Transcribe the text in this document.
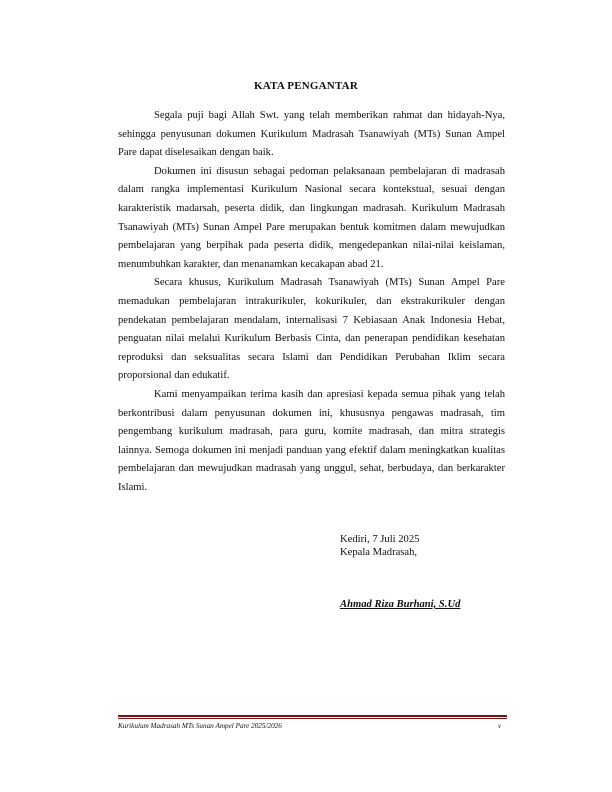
KATA PENGANTAR

Segala puji bagi Allah Swt. yang telah memberikan rahmat dan hidayah-Nya, sehingga penyusunan dokumen Kurikulum Madrasah Tsanawiyah (MTs) Sunan Ampel Pare dapat diselesaikan dengan baik.

Dokumen ini disusun sebagai pedoman pelaksanaan pembelajaran di madrasah dalam rangka implementasi Kurikulum Nasional secara kontekstual, sesuai dengan karakteristik madarsah, peserta didik, dan lingkungan madrasah. Kurikulum Madrasah Tsanawiyah (MTs) Sunan Ampel Pare merupakan bentuk komitmen dalam mewujudkan pembelajaran yang berpihak pada peserta didik, mengedepankan nilai-nilai keislaman, menumbuhkan karakter, dan menanamkan kecakapan abad 21.

Secara khusus, Kurikulum Madrasah Tsanawiyah (MTs) Sunan Ampel Pare memadukan pembelajaran intrakurikuler, kokurikuler, dan ekstrakurikuler dengan pendekatan pembelajaran mendalam, internalisasi 7 Kebiasaan Anak Indonesia Hebat, penguatan nilai melalui Kurikulum Berbasis Cinta, dan penerapan pendidikan kesehatan reproduksi dan seksualitas secara Islami dan Pendidikan Perubahan Iklim secara proporsional dan edukatif.

Kami menyampaikan terima kasih dan apresiasi kepada semua pihak yang telah berkontribusi dalam penyusunan dokumen ini, khususnya pengawas madrasah, tim pengembang kurikulum madrasah, para guru, komite madrasah, dan mitra strategis lainnya. Semoga dokumen ini menjadi panduan yang efektif dalam meningkatkan kualitas pembelajaran dan mewujudkan madrasah yang unggul, sehat, berbudaya, dan berkarakter Islami.

Kediri, 7 Juli 2025
Kepala Madrasah,
Ahmad Riza Burhani, S.Ud
Kurikulum Madrasah MTs Sunan Ampel Pare 2025/2026	v
